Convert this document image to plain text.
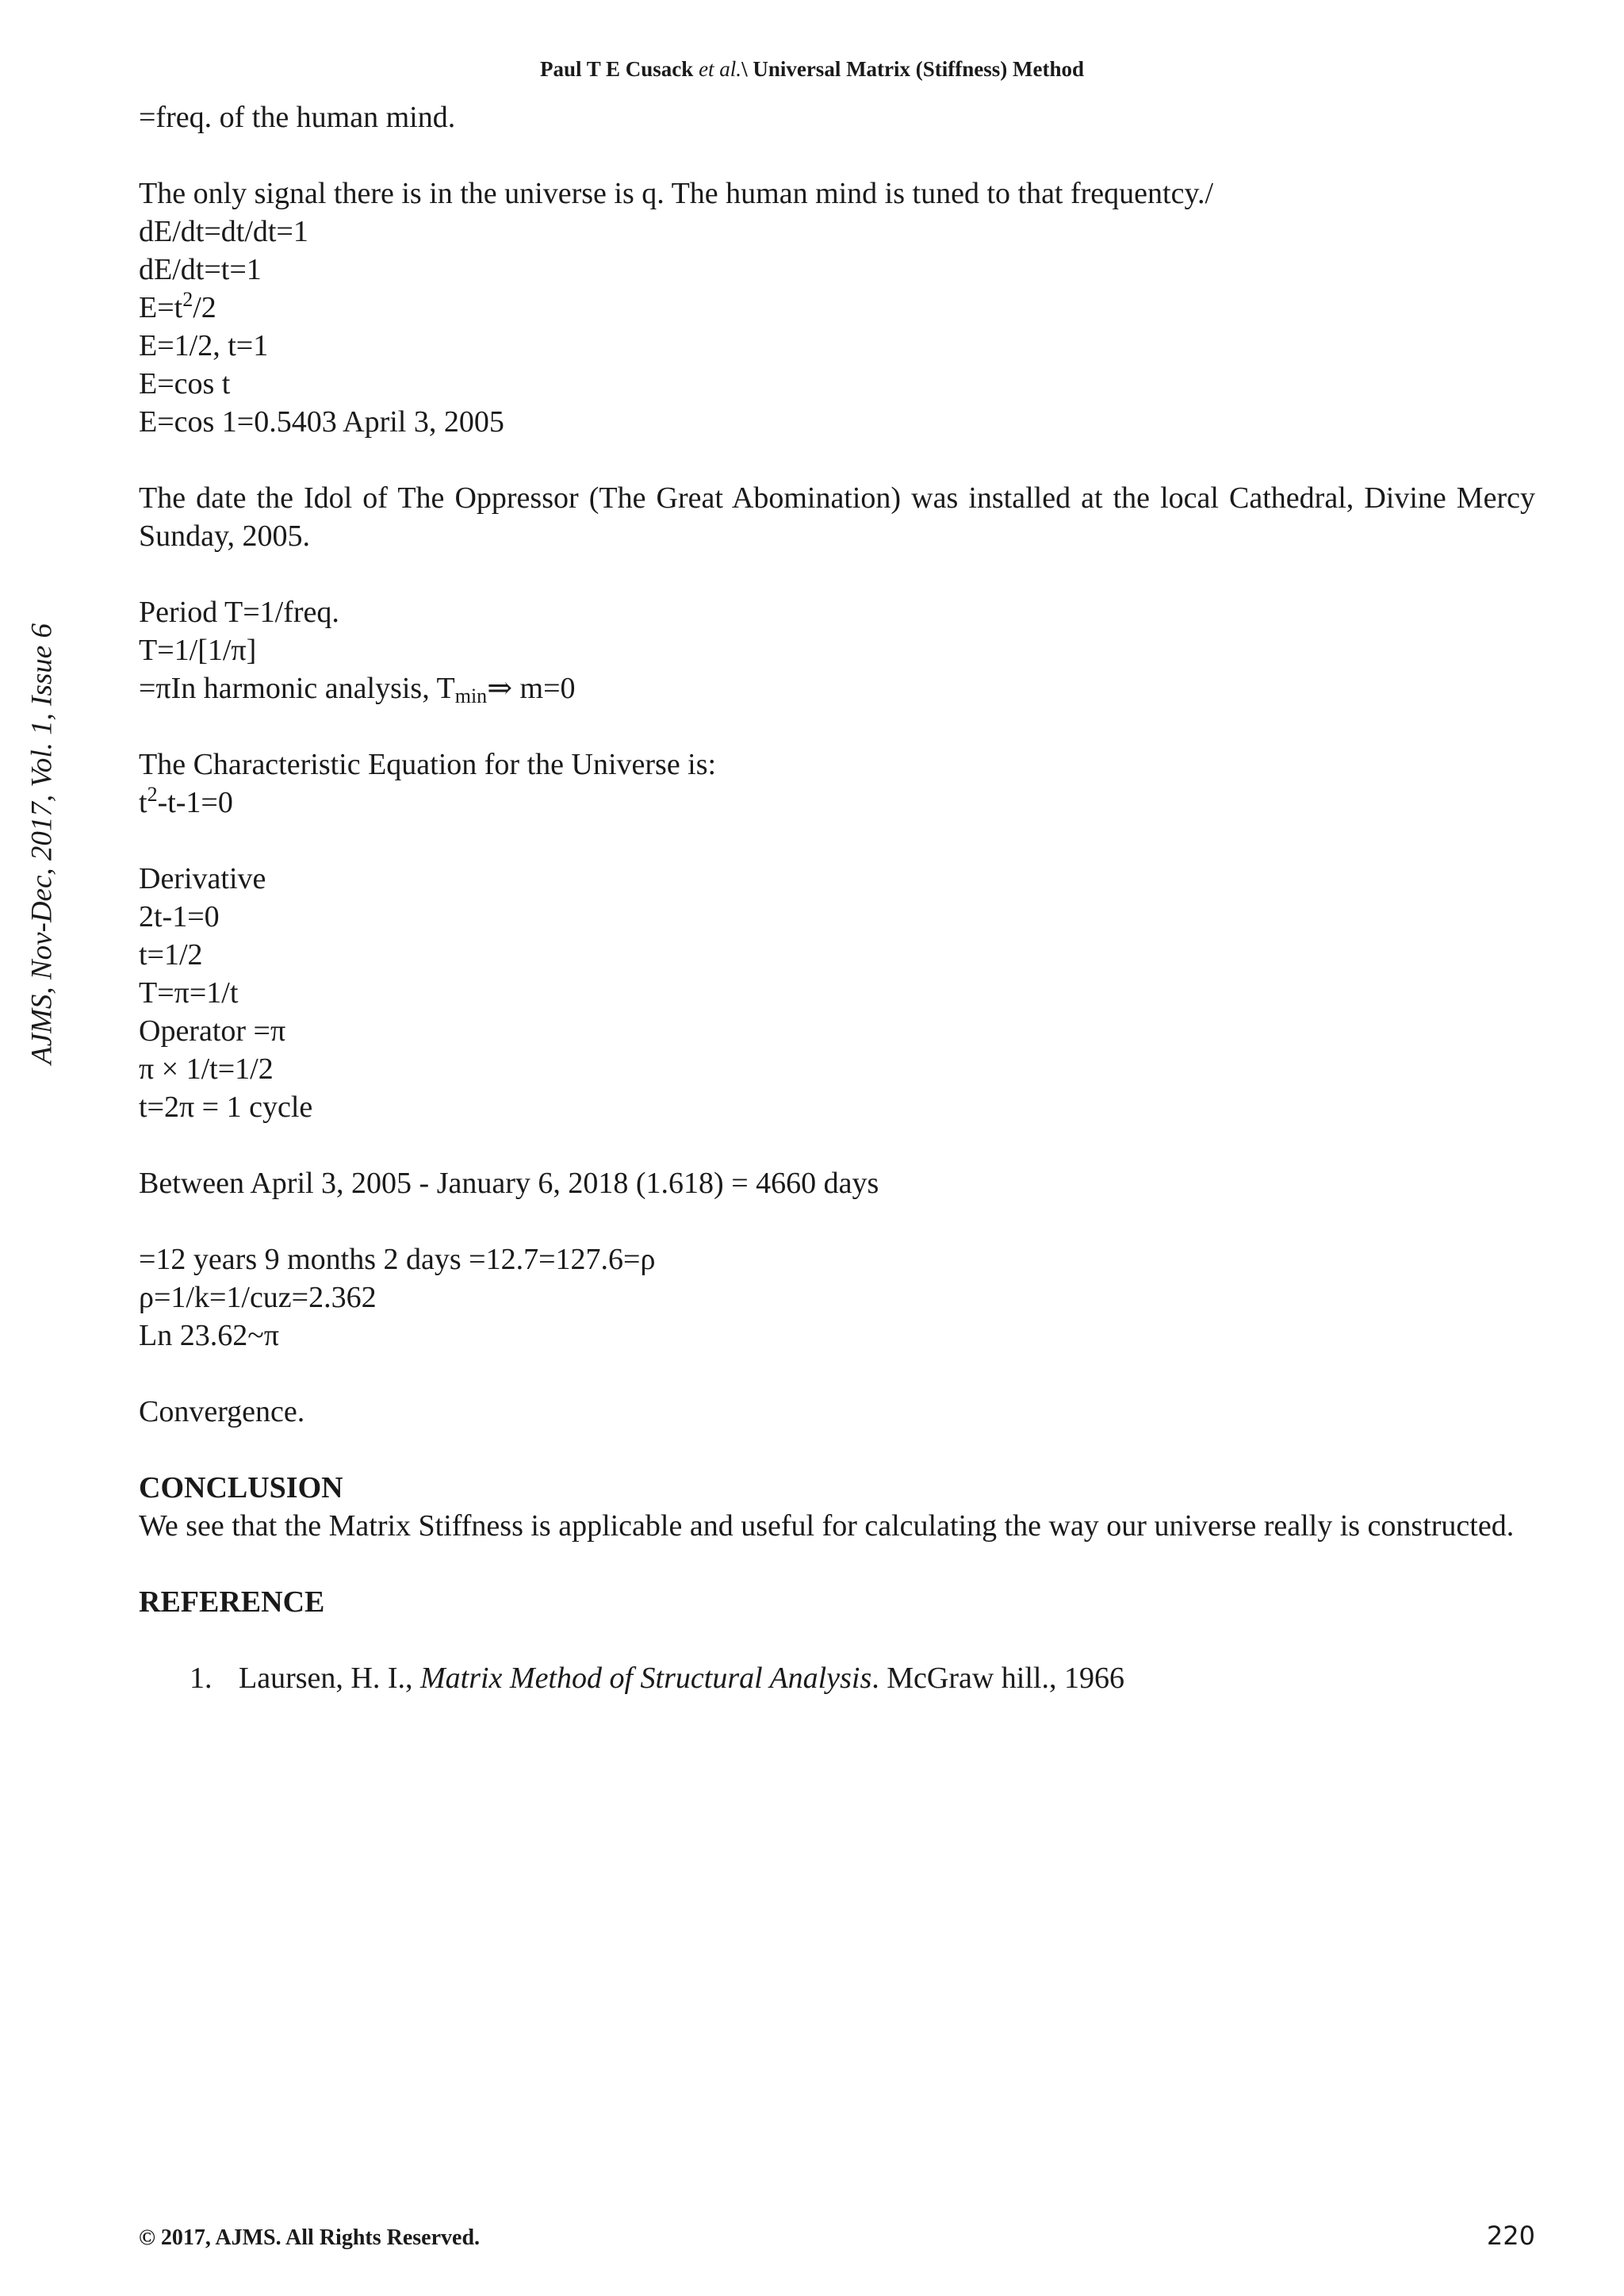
Paul T E Cusack et al.\ Universal Matrix (Stiffness) Method
AJMS, Nov-Dec, 2017, Vol. 1, Issue 6
=freq. of the human mind.
The only signal there is in the universe is q. The human mind is tuned to that frequentcy./
dE/dt=dt/dt=1
dE/dt=t=1
$E=t^2/2$
E=1/2, t=1
E=cos t
E=cos 1=0.5403 April 3, 2005
The date the Idol of The Oppressor (The Great Abomination) was installed at the local Cathedral, Divine Mercy Sunday, 2005.
Period T=1/freq.
T=1/[1/π]
=πIn harmonic analysis, $T_{min}\Rightarrow$ m=0
The Characteristic Equation for the Universe is:
$t^2-t-1=0$
Derivative
2t-1=0
t=1/2
T=π=1/t
Operator =π
π × 1/t=1/2
t=2π = 1 cycle
Between April 3, 2005 - January 6, 2018 (1.618) = 4660 days
=12 years 9 months 2 days =12.7=127.6=ρ
ρ=1/k=1/cuz=2.362
Ln 23.62~π
Convergence.
CONCLUSION
We see that the Matrix Stiffness is applicable and useful for calculating the way our universe really is constructed.
REFERENCE
1. Laursen, H. I., Matrix Method of Structural Analysis. McGraw hill., 1966
© 2017, AJMS. All Rights Reserved.	220
